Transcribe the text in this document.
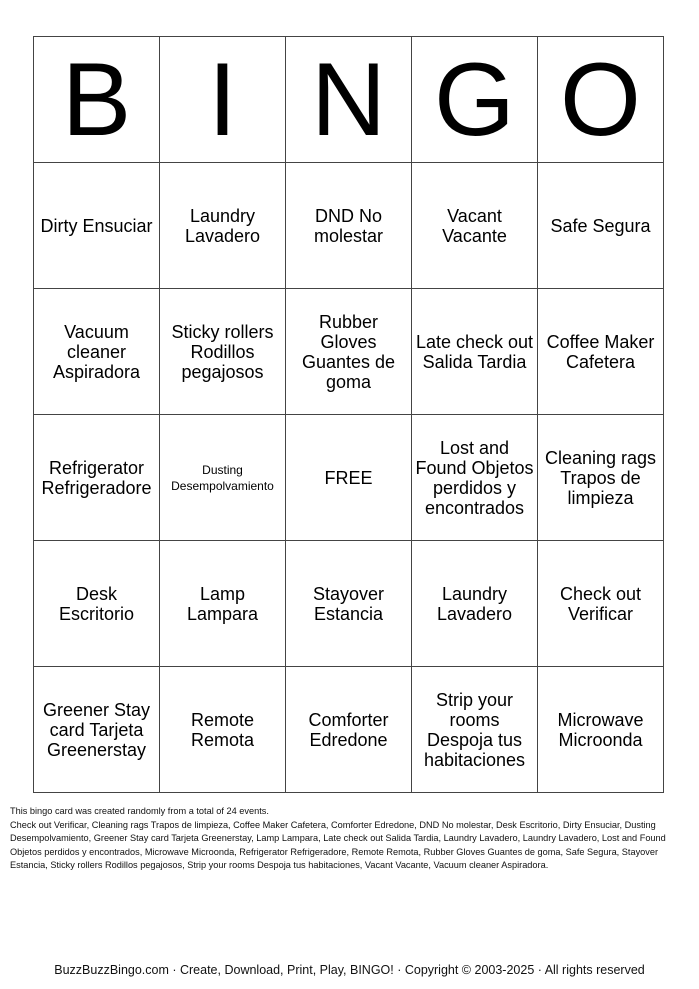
B	I	N	G	O
Dirty Ensuciar	Laundry Lavadero	DND No molestar	Vacant Vacante	Safe Segura
Vacuum cleaner Aspiradora	Sticky rollers Rodillos pegajosos	Rubber Gloves Guantes de goma	Late check out Salida Tardia	Coffee Maker Cafetera
Refrigerator Refrigeradore	Dusting Desempolvamiento	FREE	Lost and Found Objetos perdidos y encontrados	Cleaning rags Trapos de limpieza
Desk Escritorio	Lamp Lampara	Stayover Estancia	Laundry Lavadero	Check out Verificar
Greener Stay card Tarjeta Greenerstay	Remote Remota	Comforter Edredone	Strip your rooms Despoja tus habitaciones	Microwave Microonda

This bingo card was created randomly from a total of 24 events.

Check out Verificar, Cleaning rags Trapos de limpieza, Coffee Maker Cafetera, Comforter Edredone, DND No molestar, Desk Escritorio, Dirty Ensuciar, Dusting Desempolvamiento, Greener Stay card Tarjeta Greenerstay, Lamp Lampara, Late check out Salida Tardia, Laundry Lavadero, Laundry Lavadero, Lost and Found Objetos perdidos y encontrados, Microwave Microonda, Refrigerator Refrigeradore, Remote Remota, Rubber Gloves Guantes de goma, Safe Segura, Stayover Estancia, Sticky rollers Rodillos pegajosos, Strip your rooms Despoja tus habitaciones, Vacant Vacante, Vacuum cleaner Aspiradora.

BuzzBuzzBingo.com · Create, Download, Print, Play, BINGO! · Copyright © 2003-2025 · All rights reserved
